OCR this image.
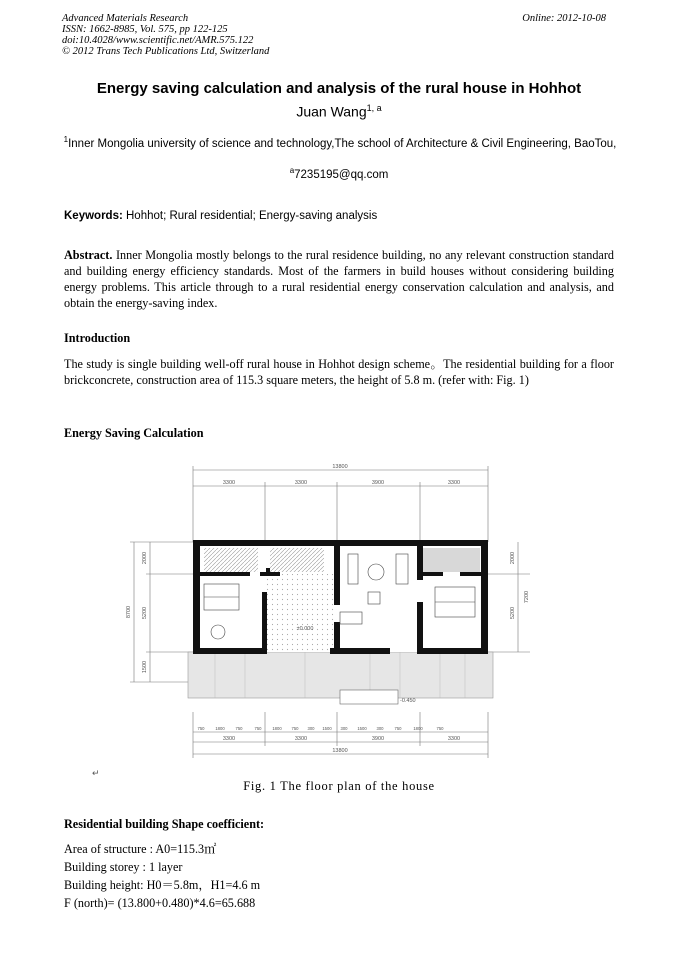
Advanced Materials Research
ISSN: 1662-8985, Vol. 575, pp 122-125
doi:10.4028/www.scientific.net/AMR.575.122
© 2012 Trans Tech Publications Ltd, Switzerland
Online: 2012-10-08
Energy saving calculation and analysis of the rural house in Hohhot
Juan Wang$^{1, a}$
$^1$Inner Mongolia university of science and technology,The school of Architecture & Civil Engineering, BaoTou,
$^a$7235195@qq.com
Keywords: Hohhot; Rural residential; Energy-saving analysis

Abstract. Inner Mongolia mostly belongs to the rural residence building, no any relevant construction standard and building energy efficiency standards. Most of the farmers in build houses without considering building energy problems. This article through to a rural residential energy conservation calculation and analysis, and obtain the energy-saving index.

Introduction

The study is single building well-off rural house in Hohhot design scheme。The residential building for a floor brickconcrete, construction area of 115.3 square meters, the height of 5.8 m. (refer with: Fig. 1)

Energy Saving Calculation
13800
3300	3300	3900	3300
8700
2000
5200
1500
7200
2000
5200
±0.000
-0.450
3300	3300	3900	3300
13800
750	1800	750	750	1800 750 300 1500 300 1500 300	750	1800	750
↵
Fig. 1 The floor plan of the house
Residential building Shape coefficient:
Area of structure : A0=115.3㎡
Building storey : 1 layer
Building height: H0＝5.8m，H1=4.6 m
F (north)= (13.800+0.480)*4.6=65.688
